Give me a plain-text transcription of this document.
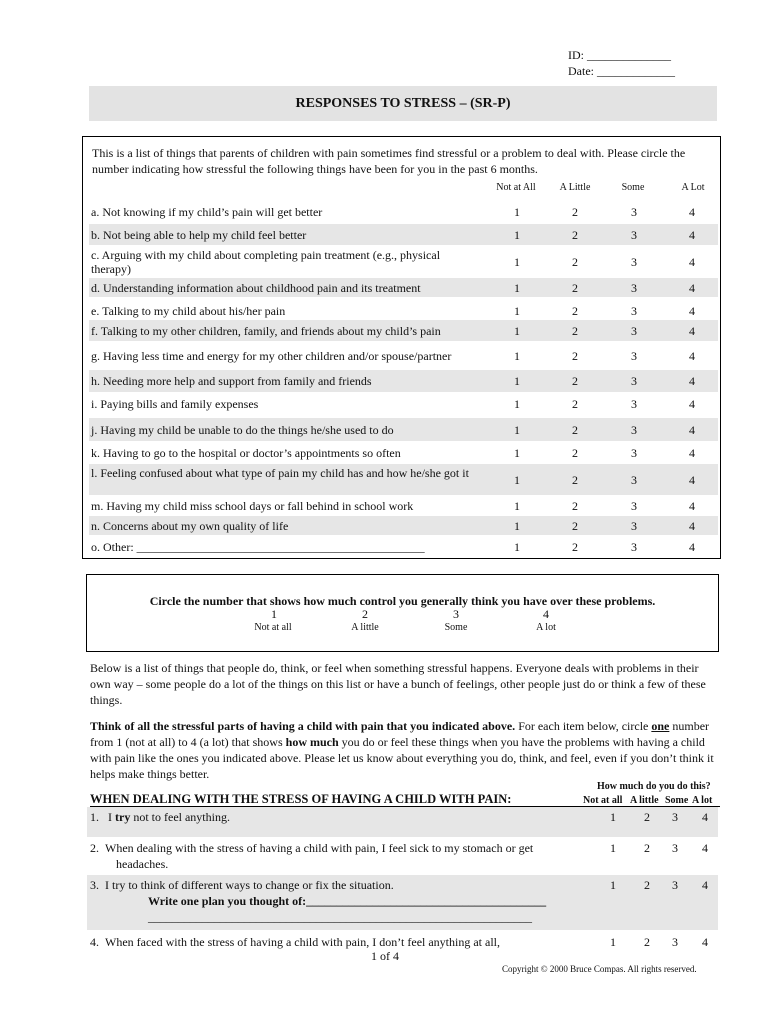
ID: ______________
Date: _____________
RESPONSES TO STRESS – (SR-P)
This is a list of things that parents of children with pain sometimes find stressful or a problem to deal with. Please circle the number indicating how stressful the following things have been for you in the past 6 months.
Not at All	A Little	Some	A Lot
a. Not knowing if my child’s pain will get better	1	2	3	4
b. Not being able to help my child feel better	1	2	3	4
c. Arguing with my child about completing pain treatment (e.g., physical therapy)	1	2	3	4
d. Understanding information about childhood pain and its treatment	1	2	3	4
e. Talking to my child about his/her pain	1	2	3	4
f. Talking to my other children, family, and friends about my child’s pain	1	2	3	4
g. Having less time and energy for my other children and/or spouse/partner	1	2	3	4
h. Needing more help and support from family and friends	1	2	3	4
i. Paying bills and family expenses	1	2	3	4
j. Having my child be unable to do the things he/she used to do	1	2	3	4
k. Having to go to the hospital or doctor’s appointments so often	1	2	3	4
l. Feeling confused about what type of pain my child has and how he/she got it	1	2	3	4
m. Having my child miss school days or fall behind in school work	1	2	3	4
n. Concerns about my own quality of life	1	2	3	4
o. Other: ________________________________________________	1	2	3	4
Circle the number that shows how much control you generally think you have over these problems.
1	2	3	4
Not at all	A little	Some	A lot
Below is a list of things that people do, think, or feel when something stressful happens. Everyone deals with problems in their own way – some people do a lot of the things on this list or have a bunch of feelings, other people just do or think a few of these things.
Think of all the stressful parts of having a child with pain that you indicated above. For each item below, circle one number from 1 (not at all) to 4 (a lot) that shows how much you do or feel these things when you have the problems with having a child with pain like the ones you indicated above. Please let us know about everything you do, think, and feel, even if you don’t think it helps make things better.
How much do you do this?
Not at all A little Some A lot
WHEN DEALING WITH THE STRESS OF HAVING A CHILD WITH PAIN:
1. I try not to feel anything.	1	2	3	4
2. When dealing with the stress of having a child with pain, I feel sick to my stomach or get headaches.
1	2	3	4
3. I try to think of different ways to change or fix the situation.
Write one plan you thought of:________________________________________
________________________________________________________________
1	2	3	4
4. When faced with the stress of having a child with pain, I don’t feel anything at all,	1	2	3	4
1 of 4
Copyright © 2000 Bruce Compas. All rights reserved.
